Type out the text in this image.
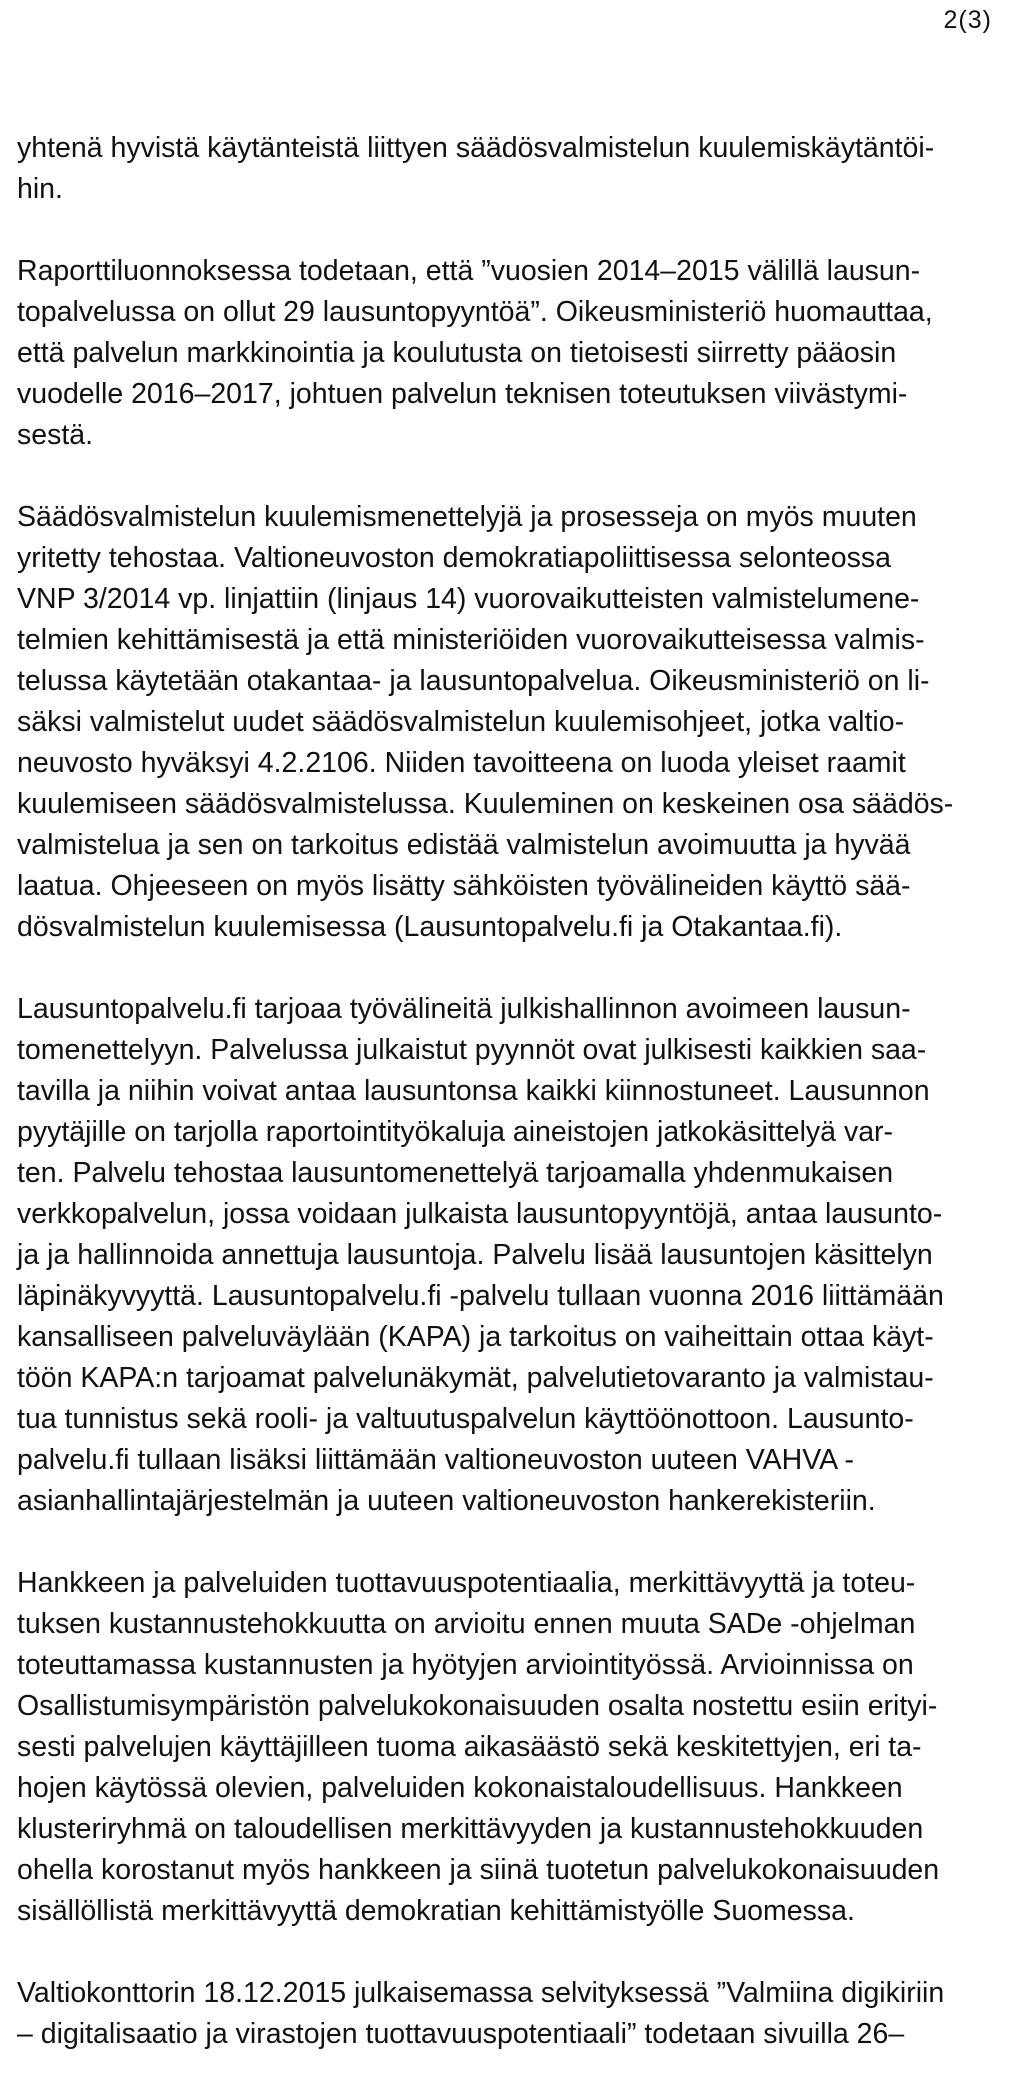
2(3)

yhtenä hyvistä käytänteistä liittyen säädösvalmistelun kuulemiskäytäntöi-
hin.

Raporttiluonnoksessa todetaan, että ”vuosien 2014–2015 välillä lausun-
topalvelussa on ollut 29 lausuntopyyntöä”. Oikeusministeriö huomauttaa,
että palvelun markkinointia ja koulutusta on tietoisesti siirretty pääosin
vuodelle 2016–2017, johtuen palvelun teknisen toteutuksen viivästymi-
sestä.

Säädösvalmistelun kuulemismenettelyjä ja prosesseja on myös muuten
yritetty tehostaa. Valtioneuvoston demokratiapoliittisessa selonteossa
VNP 3/2014 vp. linjattiin (linjaus 14) vuorovaikutteisten valmistelumene-
telmien kehittämisestä ja että ministeriöiden vuorovaikutteisessa valmis-
telussa käytetään otakantaa- ja lausuntopalvelua. Oikeusministeriö on li-
säksi valmistelut uudet säädösvalmistelun kuulemisohjeet, jotka valtio-
neuvosto hyväksyi 4.2.2106. Niiden tavoitteena on luoda yleiset raamit
kuulemiseen säädösvalmistelussa. Kuuleminen on keskeinen osa säädös-
valmistelua ja sen on tarkoitus edistää valmistelun avoimuutta ja hyvää
laatua. Ohjeeseen on myös lisätty sähköisten työvälineiden käyttö sää-
dösvalmistelun kuulemisessa (Lausuntopalvelu.fi ja Otakantaa.fi).

Lausuntopalvelu.fi tarjoaa työvälineitä julkishallinnon avoimeen lausun-
tomenettelyyn. Palvelussa julkaistut pyynnöt ovat julkisesti kaikkien saa-
tavilla ja niihin voivat antaa lausuntonsa kaikki kiinnostuneet. Lausunnon
pyytäjille on tarjolla raportointityökaluja aineistojen jatkokäsittelyä var-
ten. Palvelu tehostaa lausuntomenettelyä tarjoamalla yhdenmukaisen
verkkopalvelun, jossa voidaan julkaista lausuntopyyntöjä, antaa lausunto-
ja ja hallinnoida annettuja lausuntoja. Palvelu lisää lausuntojen käsittelyn
läpinäkyvyyttä. Lausuntopalvelu.fi -palvelu tullaan vuonna 2016 liittämään
kansalliseen palveluväylään (KAPA) ja tarkoitus on vaiheittain ottaa käyt-
töön KAPA:n tarjoamat palvelunäkymät, palvelutietovaranto ja valmistau-
tua tunnistus sekä rooli- ja valtuutuspalvelun käyttöönottoon. Lausunto-
palvelu.fi tullaan lisäksi liittämään valtioneuvoston uuteen VAHVA -
asianhallintajärjestelmän ja uuteen valtioneuvoston hankerekisteriin.

Hankkeen ja palveluiden tuottavuuspotentiaalia, merkittävyyttä ja toteu-
tuksen kustannustehokkuutta on arvioitu ennen muuta SADe -ohjelman
toteuttamassa kustannusten ja hyötyjen arviointityössä. Arvioinnissa on
Osallistumisympäristön palvelukokonaisuuden osalta nostettu esiin erityi-
sesti palvelujen käyttäjilleen tuoma aikasäästö sekä keskitettyjen, eri ta-
hojen käytössä olevien, palveluiden kokonaistaloudellisuus. Hankkeen
klusteriryhmä on taloudellisen merkittävyyden ja kustannustehokkuuden
ohella korostanut myös hankkeen ja siinä tuotetun palvelukokonaisuuden
sisällöllistä merkittävyyttä demokratian kehittämistyölle Suomessa.

Valtiokonttorin 18.12.2015 julkaisemassa selvityksessä ”Valmiina digikiriin
– digitalisaatio ja virastojen tuottavuuspotentiaali” todetaan sivuilla 26–
